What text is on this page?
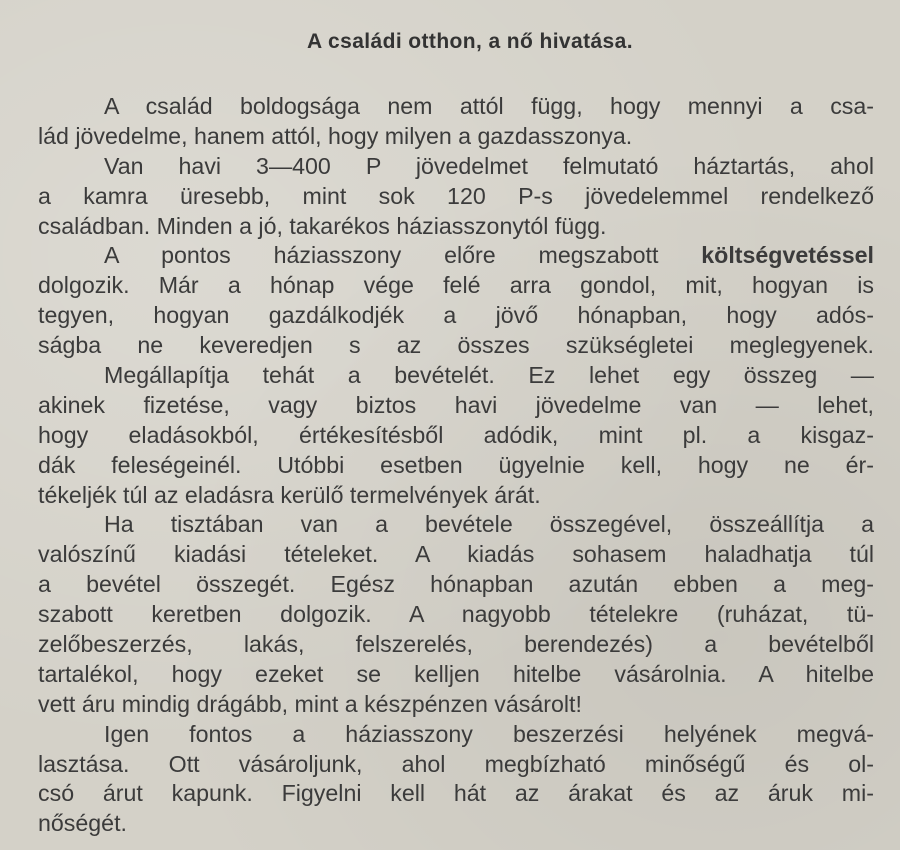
A családi otthon, a nő hivatása.

A család boldogsága nem attól függ, hogy mennyi a csa-
lád jövedelme, hanem attól, hogy milyen a gazdasszonya.

Van havi 3—400 P jövedelmet felmutató háztartás, ahol
a kamra üresebb, mint sok 120 P-s jövedelemmel rendelkező
családban. Minden a jó, takarékos háziasszonytól függ.

A pontos háziasszony előre megszabott költségvetéssel
dolgozik. Már a hónap vége felé arra gondol, mit, hogyan is
tegyen, hogyan gazdálkodjék a jövő hónapban, hogy adós-
ságba ne keveredjen s az összes szükségletei meglegyenek.

Megállapítja tehát a bevételét. Ez lehet egy összeg —
akinek fizetése, vagy biztos havi jövedelme van — lehet,
hogy eladásokból, értékesítésből adódik, mint pl. a kisgaz-
dák feleségeinél. Utóbbi esetben ügyelnie kell, hogy ne ér-
tékeljék túl az eladásra kerülő termelvények árát.

Ha tisztában van a bevétele összegével, összeállítja a
valószínű kiadási tételeket. A kiadás sohasem haladhatja túl
a bevétel összegét. Egész hónapban azután ebben a meg-
szabott keretben dolgozik. A nagyobb tételekre (ruházat, tü-
zelőbeszerzés, lakás, felszerelés, berendezés) a bevételből
tartalékol, hogy ezeket se kelljen hitelbe vásárolnia. A hitelbe
vett áru mindig drágább, mint a készpénzen vásárolt!

Igen fontos a háziasszony beszerzési helyének megvá-
lasztása. Ott vásároljunk, ahol megbízható minőségű és ol-
csó árut kapunk. Figyelni kell hát az árakat és az áruk mi-
nőségét.
